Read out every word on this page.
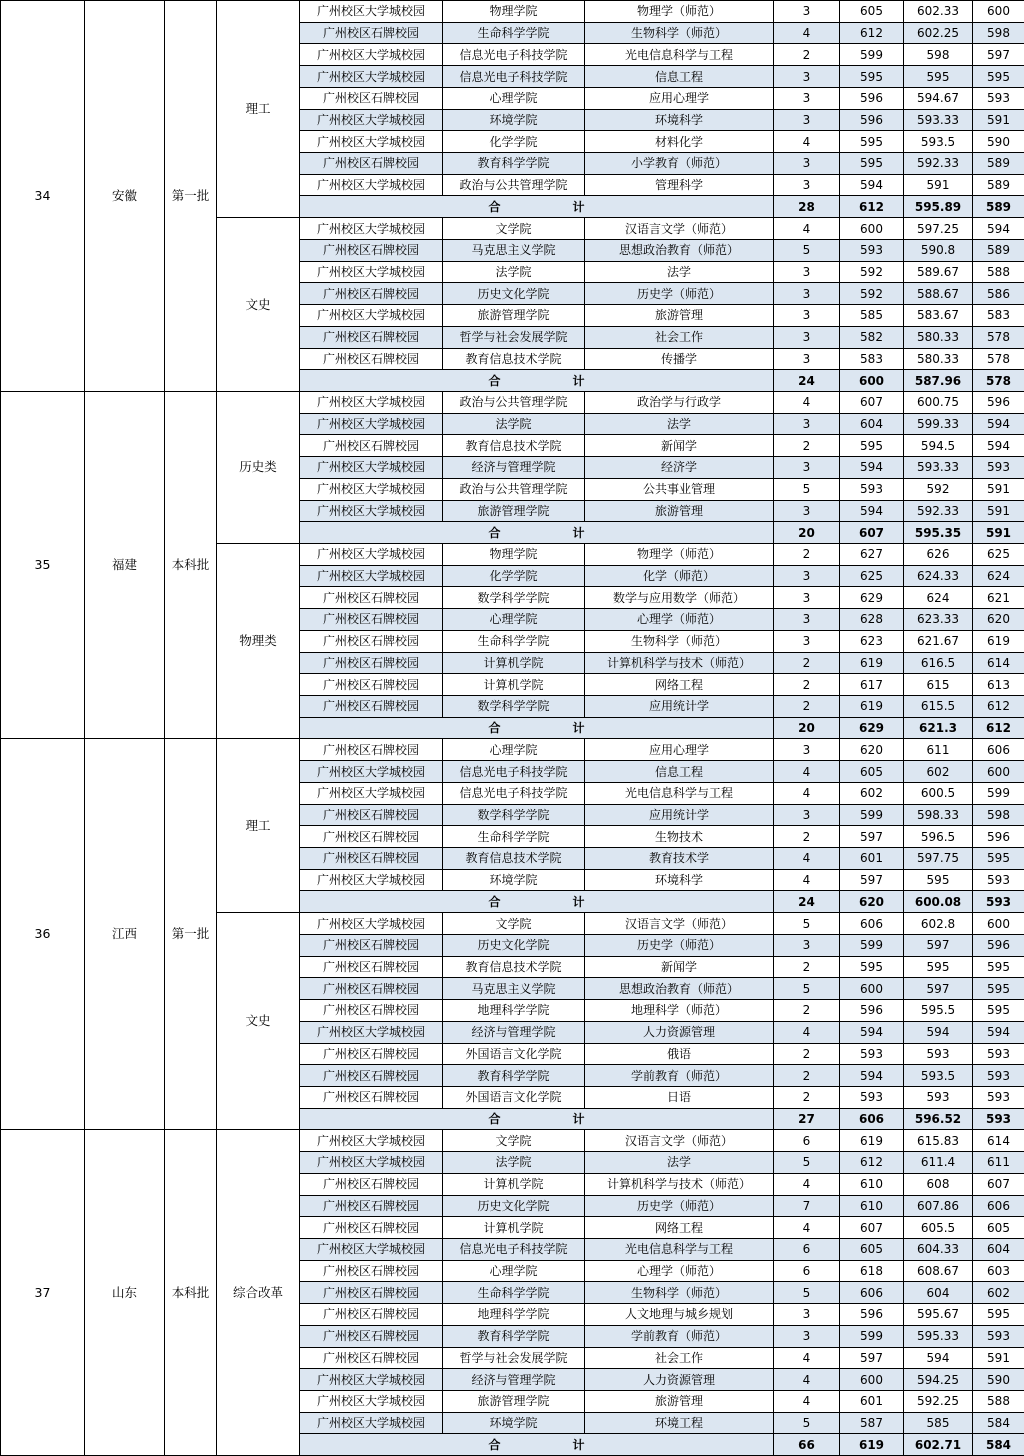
34	安徽	第一批	理工	广州校区大学城校园	物理学院	物理学（师范）	3	605	602.33	600
				广州校区石牌校园	生命科学学院	生物科学（师范）	4	612	602.25	598
				广州校区大学城校园	信息光电子科技学院	光电信息科学与工程	2	599	598	597
				广州校区大学城校园	信息光电子科技学院	信息工程	3	595	595	595
				广州校区石牌校园	心理学院	应用心理学	3	596	594.67	593
				广州校区大学城校园	环境学院	环境科学	3	596	593.33	591
				广州校区大学城校园	化学学院	材料化学	4	595	593.5	590
				广州校区石牌校园	教育科学学院	小学教育（师范）	3	595	592.33	589
				广州校区大学城校园	政治与公共管理学院	管理科学	3	594	591	589
				合　　　　　　计			28	612	595.89	589
			文史	广州校区大学城校园	文学院	汉语言文学（师范）	4	600	597.25	594
				广州校区石牌校园	马克思主义学院	思想政治教育（师范）	5	593	590.8	589
				广州校区大学城校园	法学院	法学	3	592	589.67	588
				广州校区石牌校园	历史文化学院	历史学（师范）	3	592	588.67	586
				广州校区大学城校园	旅游管理学院	旅游管理	3	585	583.67	583
				广州校区石牌校园	哲学与社会发展学院	社会工作	3	582	580.33	578
				广州校区石牌校园	教育信息技术学院	传播学	3	583	580.33	578
				合　　　　　　计			24	600	587.96	578
35	福建	本科批	历史类	广州校区大学城校园	政治与公共管理学院	政治学与行政学	4	607	600.75	596
				广州校区大学城校园	法学院	法学	3	604	599.33	594
				广州校区石牌校园	教育信息技术学院	新闻学	2	595	594.5	594
				广州校区大学城校园	经济与管理学院	经济学	3	594	593.33	593
				广州校区大学城校园	政治与公共管理学院	公共事业管理	5	593	592	591
				广州校区大学城校园	旅游管理学院	旅游管理	3	594	592.33	591
				合　　　　　　计			20	607	595.35	591
			物理类	广州校区大学城校园	物理学院	物理学（师范）	2	627	626	625
				广州校区大学城校园	化学学院	化学（师范）	3	625	624.33	624
				广州校区石牌校园	数学科学学院	数学与应用数学（师范）	3	629	624	621
				广州校区石牌校园	心理学院	心理学（师范）	3	628	623.33	620
				广州校区石牌校园	生命科学学院	生物科学（师范）	3	623	621.67	619
				广州校区石牌校园	计算机学院	计算机科学与技术（师范）	2	619	616.5	614
				广州校区石牌校园	计算机学院	网络工程	2	617	615	613
				广州校区石牌校园	数学科学学院	应用统计学	2	619	615.5	612
				合　　　　　　计			20	629	621.3	612
36	江西	第一批	理工	广州校区石牌校园	心理学院	应用心理学	3	620	611	606
				广州校区大学城校园	信息光电子科技学院	信息工程	4	605	602	600
				广州校区大学城校园	信息光电子科技学院	光电信息科学与工程	4	602	600.5	599
				广州校区石牌校园	数学科学学院	应用统计学	3	599	598.33	598
				广州校区石牌校园	生命科学学院	生物技术	2	597	596.5	596
				广州校区石牌校园	教育信息技术学院	教育技术学	4	601	597.75	595
				广州校区大学城校园	环境学院	环境科学	4	597	595	593
				合　　　　　　计			24	620	600.08	593
			文史	广州校区大学城校园	文学院	汉语言文学（师范）	5	606	602.8	600
				广州校区石牌校园	历史文化学院	历史学（师范）	3	599	597	596
				广州校区石牌校园	教育信息技术学院	新闻学	2	595	595	595
				广州校区石牌校园	马克思主义学院	思想政治教育（师范）	5	600	597	595
				广州校区石牌校园	地理科学学院	地理科学（师范）	2	596	595.5	595
				广州校区大学城校园	经济与管理学院	人力资源管理	4	594	594	594
				广州校区石牌校园	外国语言文化学院	俄语	2	593	593	593
				广州校区石牌校园	教育科学学院	学前教育（师范）	2	594	593.5	593
				广州校区石牌校园	外国语言文化学院	日语	2	593	593	593
				合　　　　　　计			27	606	596.52	593
37	山东	本科批	综合改革	广州校区大学城校园	文学院	汉语言文学（师范）	6	619	615.83	614
				广州校区大学城校园	法学院	法学	5	612	611.4	611
				广州校区石牌校园	计算机学院	计算机科学与技术（师范）	4	610	608	607
				广州校区石牌校园	历史文化学院	历史学（师范）	7	610	607.86	606
				广州校区石牌校园	计算机学院	网络工程	4	607	605.5	605
				广州校区大学城校园	信息光电子科技学院	光电信息科学与工程	6	605	604.33	604
				广州校区石牌校园	心理学院	心理学（师范）	6	618	608.67	603
				广州校区石牌校园	生命科学学院	生物科学（师范）	5	606	604	602
				广州校区石牌校园	地理科学学院	人文地理与城乡规划	3	596	595.67	595
				广州校区石牌校园	教育科学学院	学前教育（师范）	3	599	595.33	593
				广州校区石牌校园	哲学与社会发展学院	社会工作	4	597	594	591
				广州校区大学城校园	经济与管理学院	人力资源管理	4	600	594.25	590
				广州校区大学城校园	旅游管理学院	旅游管理	4	601	592.25	588
				广州校区大学城校园	环境学院	环境工程	5	587	585	584
				合　　　　　　计			66	619	602.71	584
